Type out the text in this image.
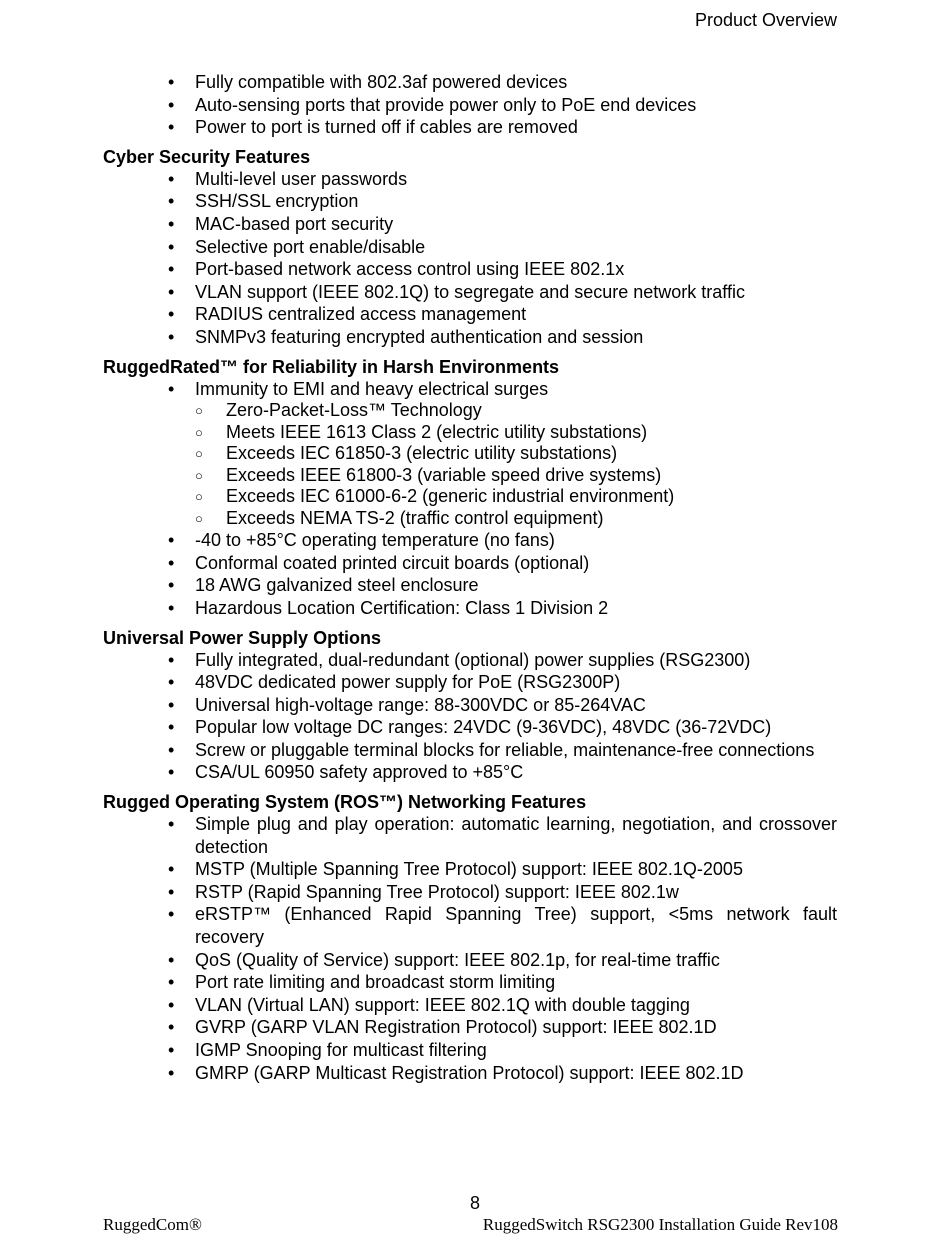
Product Overview
• Fully compatible with 802.3af powered devices
• Auto-sensing ports that provide power only to PoE end devices
• Power to port is turned off if cables are removed
Cyber Security Features
• Multi-level user passwords
• SSH/SSL encryption
• MAC-based port security
• Selective port enable/disable
• Port-based network access control using IEEE 802.1x
• VLAN support (IEEE 802.1Q) to segregate and secure network traffic
• RADIUS centralized access management
• SNMPv3 featuring encrypted authentication and session
RuggedRated™ for Reliability in Harsh Environments
• Immunity to EMI and heavy electrical surges
○ Zero-Packet-Loss™ Technology
○ Meets IEEE 1613 Class 2 (electric utility substations)
○ Exceeds IEC 61850-3 (electric utility substations)
○ Exceeds IEEE 61800-3 (variable speed drive systems)
○ Exceeds IEC 61000-6-2 (generic industrial environment)
○ Exceeds NEMA TS-2 (traffic control equipment)
• -40 to +85°C operating temperature (no fans)
• Conformal coated printed circuit boards (optional)
• 18 AWG galvanized steel enclosure
• Hazardous Location Certification: Class 1 Division 2
Universal Power Supply Options
• Fully integrated, dual-redundant (optional) power supplies (RSG2300)
• 48VDC dedicated power supply for PoE (RSG2300P)
• Universal high-voltage range: 88-300VDC or 85-264VAC
• Popular low voltage DC ranges: 24VDC (9-36VDC), 48VDC (36-72VDC)
• Screw or pluggable terminal blocks for reliable, maintenance-free connections
• CSA/UL 60950 safety approved to +85°C
Rugged Operating System (ROS™) Networking Features
• Simple plug and play operation: automatic learning, negotiation, and crossover detection
• MSTP (Multiple Spanning Tree Protocol) support: IEEE 802.1Q-2005
• RSTP (Rapid Spanning Tree Protocol) support: IEEE 802.1w
• eRSTP™ (Enhanced Rapid Spanning Tree) support, <5ms network fault recovery
• QoS (Quality of Service) support: IEEE 802.1p, for real-time traffic
• Port rate limiting and broadcast storm limiting
• VLAN (Virtual LAN) support: IEEE 802.1Q with double tagging
• GVRP (GARP VLAN Registration Protocol) support: IEEE 802.1D
• IGMP Snooping for multicast filtering
• GMRP (GARP Multicast Registration Protocol) support: IEEE 802.1D
8
RuggedCom®	RuggedSwitch RSG2300 Installation Guide Rev108
